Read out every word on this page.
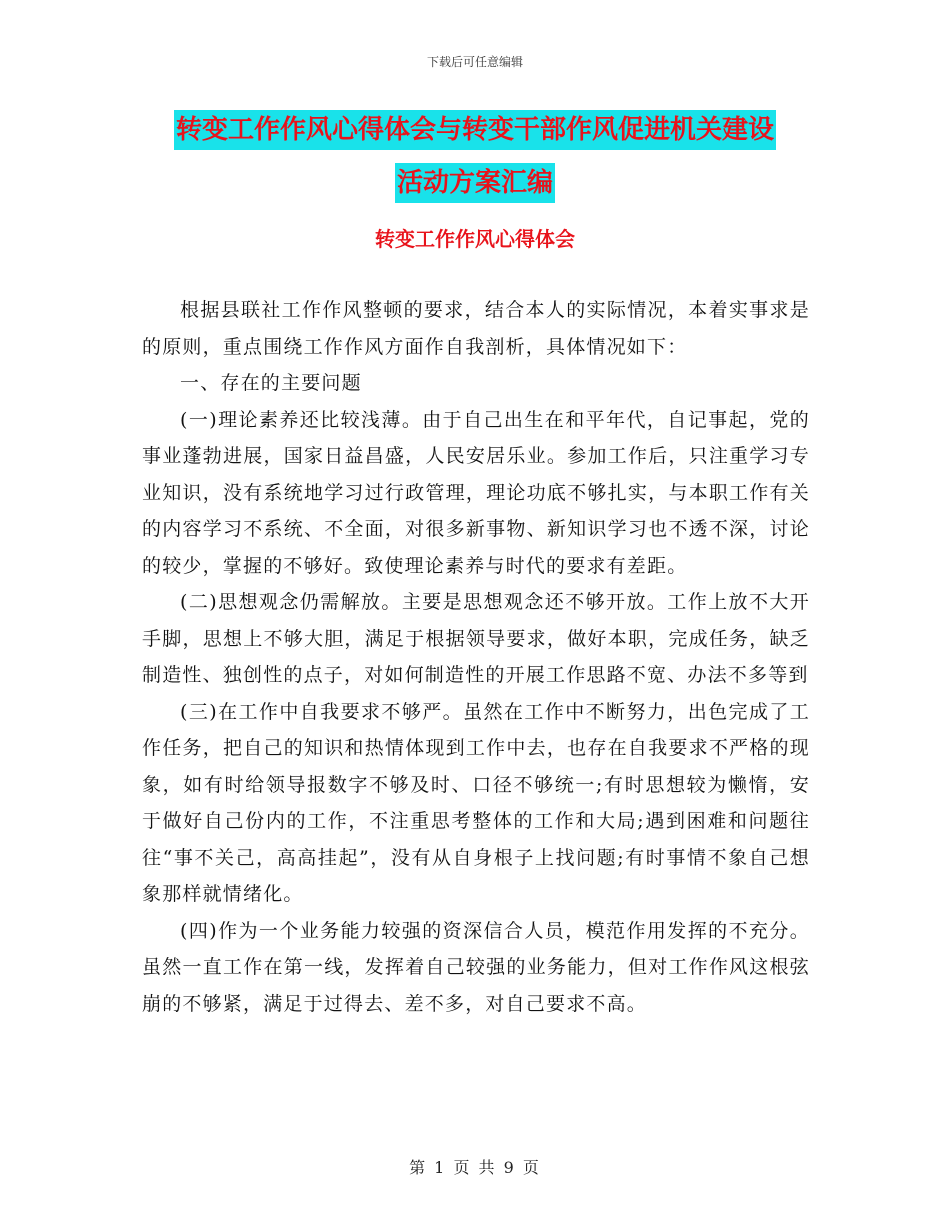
下载后可任意编辑
转变工作作风心得体会与转变干部作风促进机关建设
活动方案汇编
转变工作作风心得体会

根据县联社工作作风整顿的要求，结合本人的实际情况，本着实事求是的原则，重点围绕工作作风方面作自我剖析，具体情况如下：

一、存在的主要问题

(一)理论素养还比较浅薄。由于自己出生在和平年代，自记事起，党的事业蓬勃进展，国家日益昌盛，人民安居乐业。参加工作后，只注重学习专业知识，没有系统地学习过行政管理，理论功底不够扎实，与本职工作有关的内容学习不系统、不全面，对很多新事物、新知识学习也不透不深，讨论的较少，掌握的不够好。致使理论素养与时代的要求有差距。

(二)思想观念仍需解放。主要是思想观念还不够开放。工作上放不大开手脚，思想上不够大胆，满足于根据领导要求，做好本职，完成任务，缺乏制造性、独创性的点子，对如何制造性的开展工作思路不宽、办法不多等到

(三)在工作中自我要求不够严。虽然在工作中不断努力，出色完成了工作任务，把自己的知识和热情体现到工作中去，也存在自我要求不严格的现象，如有时给领导报数字不够及时、口径不够统一;有时思想较为懒惰，安于做好自己份内的工作，不注重思考整体的工作和大局;遇到困难和问题往往“事不关己，高高挂起”，没有从自身根子上找问题;有时事情不象自己想象那样就情绪化。

(四)作为一个业务能力较强的资深信合人员，模范作用发挥的不充分。虽然一直工作在第一线，发挥着自己较强的业务能力，但对工作作风这根弦崩的不够紧，满足于过得去、差不多，对自己要求不高。

第 1 页 共 9 页
